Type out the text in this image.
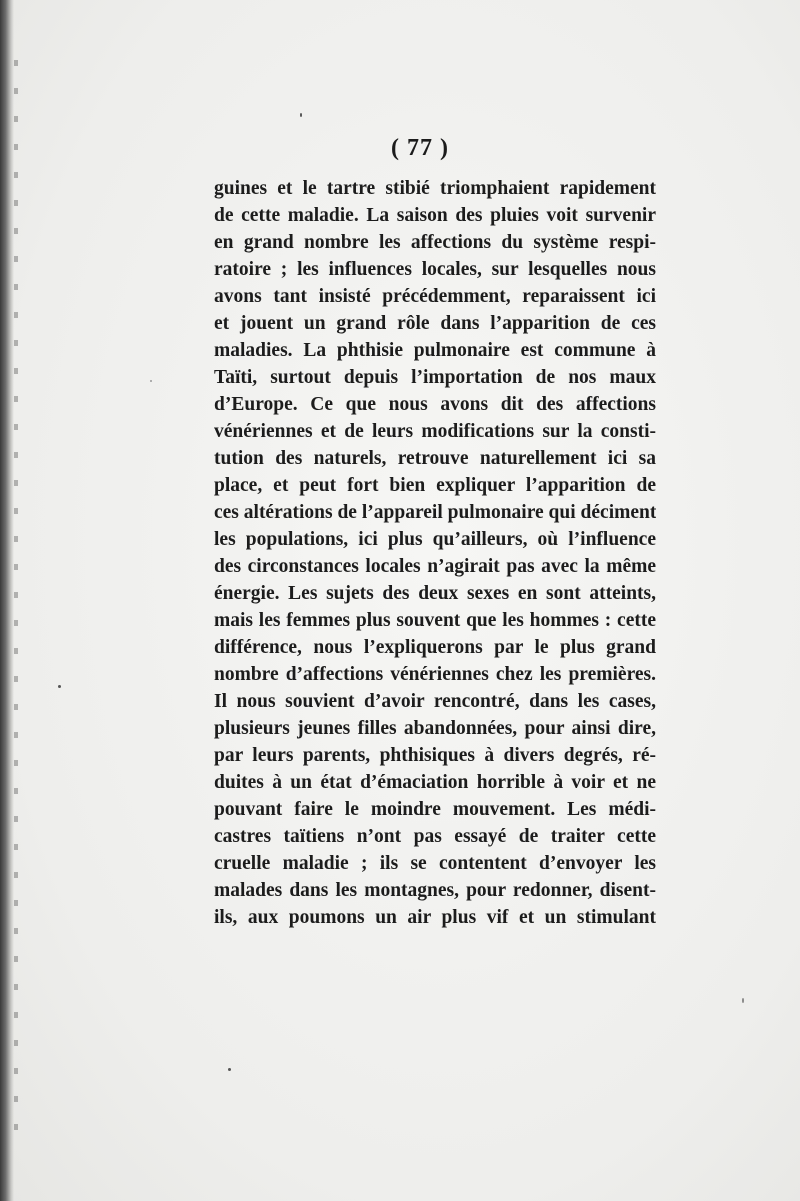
( 77 )
guines et le tartre stibié triomphaient rapidement
de cette maladie. La saison des pluies voit survenir
en grand nombre les affections du système respi-
ratoire ; les influences locales, sur lesquelles nous
avons tant insisté précédemment, reparaissent ici
et jouent un grand rôle dans l’apparition de ces
maladies. La phthisie pulmonaire est commune à
Taïti, surtout depuis l’importation de nos maux
d’Europe. Ce que nous avons dit des affections
vénériennes et de leurs modifications sur la consti-
tution des naturels, retrouve naturellement ici sa
place, et peut fort bien expliquer l’apparition de
ces altérations de l’appareil pulmonaire qui déciment
les populations, ici plus qu’ailleurs, où l’influence
des circonstances locales n’agirait pas avec la même
énergie. Les sujets des deux sexes en sont atteints,
mais les femmes plus souvent que les hommes : cette
différence, nous l’expliquerons par le plus grand
nombre d’affections vénériennes chez les premières.
Il nous souvient d’avoir rencontré, dans les cases,
plusieurs jeunes filles abandonnées, pour ainsi dire,
par leurs parents, phthisiques à divers degrés, ré-
duites à un état d’émaciation horrible à voir et ne
pouvant faire le moindre mouvement. Les médi-
castres taïtiens n’ont pas essayé de traiter cette
cruelle maladie ; ils se contentent d’envoyer les
malades dans les montagnes, pour redonner, disent-
ils, aux poumons un air plus vif et un stimulant
